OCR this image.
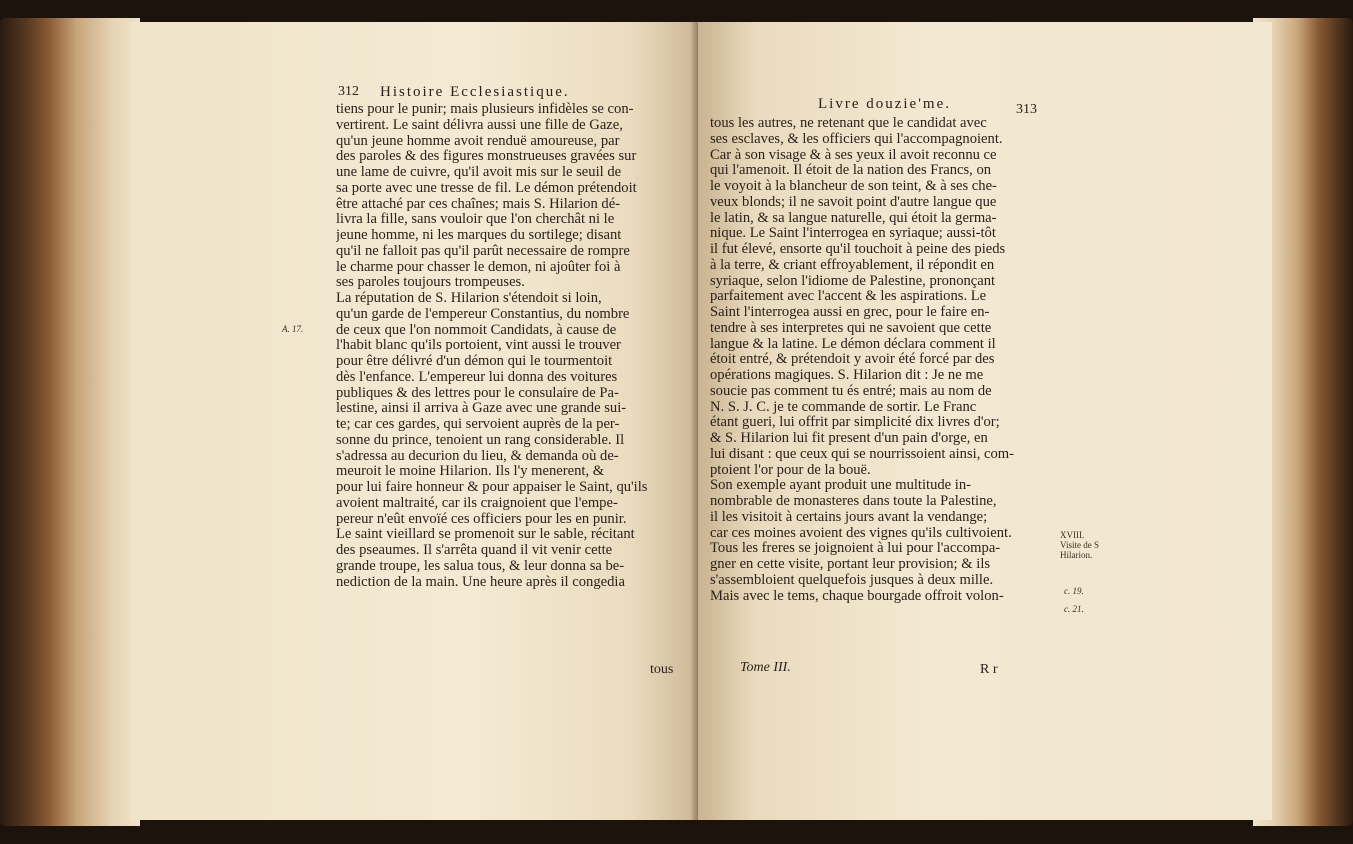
312 Histoire Ecclesiastique.
A. 17.
tiens pour le punir; mais plusieurs infidèles se con-
vertirent. Le saint délivra aussi une fille de Gaze,
qu'un jeune homme avoit renduë amoureuse, par
des paroles & des figures monstrueuses gravées sur
une lame de cuivre, qu'il avoit mis sur le seuil de
sa porte avec une tresse de fil. Le démon prétendoit
être attaché par ces chaînes; mais S. Hilarion dé-
livra la fille, sans vouloir que l'on cherchât ni le
jeune homme, ni les marques du sortilege; disant
qu'il ne falloit pas qu'il parût necessaire de rompre
le charme pour chasser le demon, ni ajoûter foi à
ses paroles toujours trompeuses.
La réputation de S. Hilarion s'étendoit si loin,
qu'un garde de l'empereur Constantius, du nombre
de ceux que l'on nommoit Candidats, à cause de
l'habit blanc qu'ils portoient, vint aussi le trouver
pour être délivré d'un démon qui le tourmentoit
dès l'enfance. L'empereur lui donna des voitures
publiques & des lettres pour le consulaire de Pa-
lestine, ainsi il arriva à Gaze avec une grande sui-
te; car ces gardes, qui servoient auprès de la per-
sonne du prince, tenoient un rang considerable. Il
s'adressa au decurion du lieu, & demanda où de-
meuroit le moine Hilarion. Ils l'y menerent, &
pour lui faire honneur & pour appaiser le Saint, qu'ils
avoient maltraité, car ils craignoient que l'empe-
pereur n'eût envoïé ces officiers pour les en punir.
Le saint vieillard se promenoit sur le sable, récitant
des pseaumes. Il s'arrêta quand il vit venir cette
grande troupe, les salua tous, & leur donna sa be-
nediction de la main. Une heure après il congedia
tous
Livre douzie'me.	313
tous les autres, ne retenant que le candidat avec
ses esclaves, & les officiers qui l'accompagnoient.
Car à son visage & à ses yeux il avoit reconnu ce
qui l'amenoit. Il étoit de la nation des Francs, on
le voyoit à la blancheur de son teint, & à ses che-
veux blonds; il ne savoit point d'autre langue que
le latin, & sa langue naturelle, qui étoit la germa-
nique. Le Saint l'interrogea en syriaque; aussi-tôt
il fut élevé, ensorte qu'il touchoit à peine des pieds
à la terre, & criant effroyablement, il répondit en
syriaque, selon l'idiome de Palestine, prononçant
parfaitement avec l'accent & les aspirations. Le
Saint l'interrogea aussi en grec, pour le faire en-
tendre à ses interpretes qui ne savoient que cette
langue & la latine. Le démon déclara comment il
étoit entré, & prétendoit y avoir été forcé par des
opérations magiques. S. Hilarion dit : Je ne me
soucie pas comment tu és entré; mais au nom de
N. S. J. C. je te commande de sortir. Le Franc
étant gueri, lui offrit par simplicité dix livres d'or;
& S. Hilarion lui fit present d'un pain d'orge, en
lui disant : que ceux qui se nourrissoient ainsi, com-
ptoient l'or pour de la bouë.
Son exemple ayant produit une multitude in-
nombrable de monasteres dans toute la Palestine,
il les visitoit à certains jours avant la vendange;
car ces moines avoient des vignes qu'ils cultivoient.
Tous les freres se joignoient à lui pour l'accompa-
gner en cette visite, portant leur provision; & ils
s'assembloient quelquefois jusques à deux mille.
Mais avec le tems, chaque bourgade offroit volon-
XVIII.
Visite de S
Hilarion.
c. 19.
c. 21.
Tome III.	R r
